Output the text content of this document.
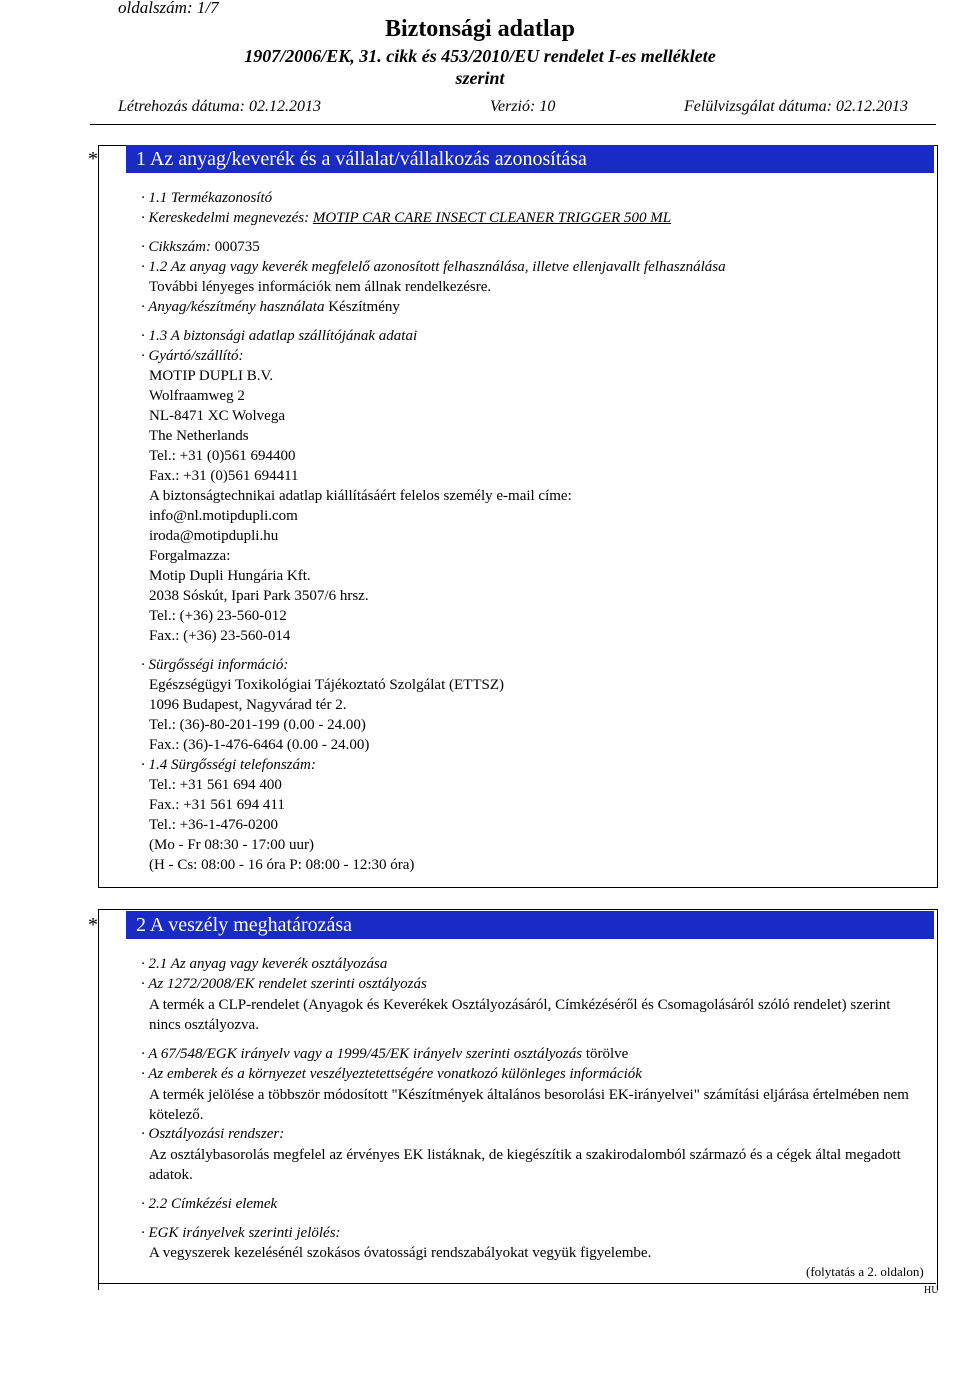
oldalszám: 1/7
Biztonsági adatlap
1907/2006/EK, 31. cikk és 453/2010/EU rendelet I-es melléklete
szerint
Létrehozás dátuma: 02.12.2013	Verzió: 10	Felülvizsgálat dátuma: 02.12.2013
*	1 Az anyag/keverék és a vállalat/vállalkozás azonosítása
· 1.1 Termékazonosító
· Kereskedelmi megnevezés: MOTIP CAR CARE INSECT CLEANER TRIGGER 500 ML
· Cikkszám: 000735
· 1.2 Az anyag vagy keverék megfelelő azonosított felhasználása, illetve ellenjavallt felhasználása
További lényeges információk nem állnak rendelkezésre.
· Anyag/készítmény használata Készítmény
· 1.3 A biztonsági adatlap szállítójának adatai
· Gyártó/szállító:
MOTIP DUPLI B.V.
Wolfraamweg 2
NL-8471 XC Wolvega
The Netherlands
Tel.: +31 (0)561 694400
Fax.: +31 (0)561 694411
A biztonságtechnikai adatlap kiállításáért felelos személy e-mail címe:
info@nl.motipdupli.com
iroda@motipdupli.hu
Forgalmazza:
Motip Dupli Hungária Kft.
2038 Sóskút, Ipari Park 3507/6 hrsz.
Tel.: (+36) 23-560-012
Fax.: (+36) 23-560-014
· Sürgősségi információ:
Egészségügyi Toxikológiai Tájékoztató Szolgálat (ETTSZ)
1096 Budapest, Nagyvárad tér 2.
Tel.: (36)-80-201-199 (0.00 - 24.00)
Fax.: (36)-1-476-6464 (0.00 - 24.00)
· 1.4 Sürgősségi telefonszám:
Tel.: +31 561 694 400
Fax.: +31 561 694 411
Tel.: +36-1-476-0200
(Mo - Fr 08:30 - 17:00 uur)
(H - Cs: 08:00 - 16 óra P: 08:00 - 12:30 óra)
*	2 A veszély meghatározása
· 2.1 Az anyag vagy keverék osztályozása
· Az 1272/2008/EK rendelet szerinti osztályozás
A termék a CLP-rendelet (Anyagok és Keverékek Osztályozásáról, Címkézéséről és Csomagolásáról szóló rendelet) szerint nincs osztályozva.
· A 67/548/EGK irányelv vagy a 1999/45/EK irányelv szerinti osztályozás törölve
· Az emberek és a környezet veszélyeztetettségére vonatkozó különleges információk
A termék jelölése a többször módosított "Készítmények általános besorolási EK-irányelvei" számítási eljárása értelmében nem kötelező.
· Osztályozási rendszer:
Az osztálybasorolás megfelel az érvényes EK listáknak, de kiegészítik a szakirodalomból származó és a cégek által megadott adatok.
· 2.2 Címkézési elemek
· EGK irányelvek szerinti jelölés:
A vegyszerek kezelésénél szokásos óvatossági rendszabályokat vegyük figyelembe.
(folytatás a 2. oldalon)
HU
